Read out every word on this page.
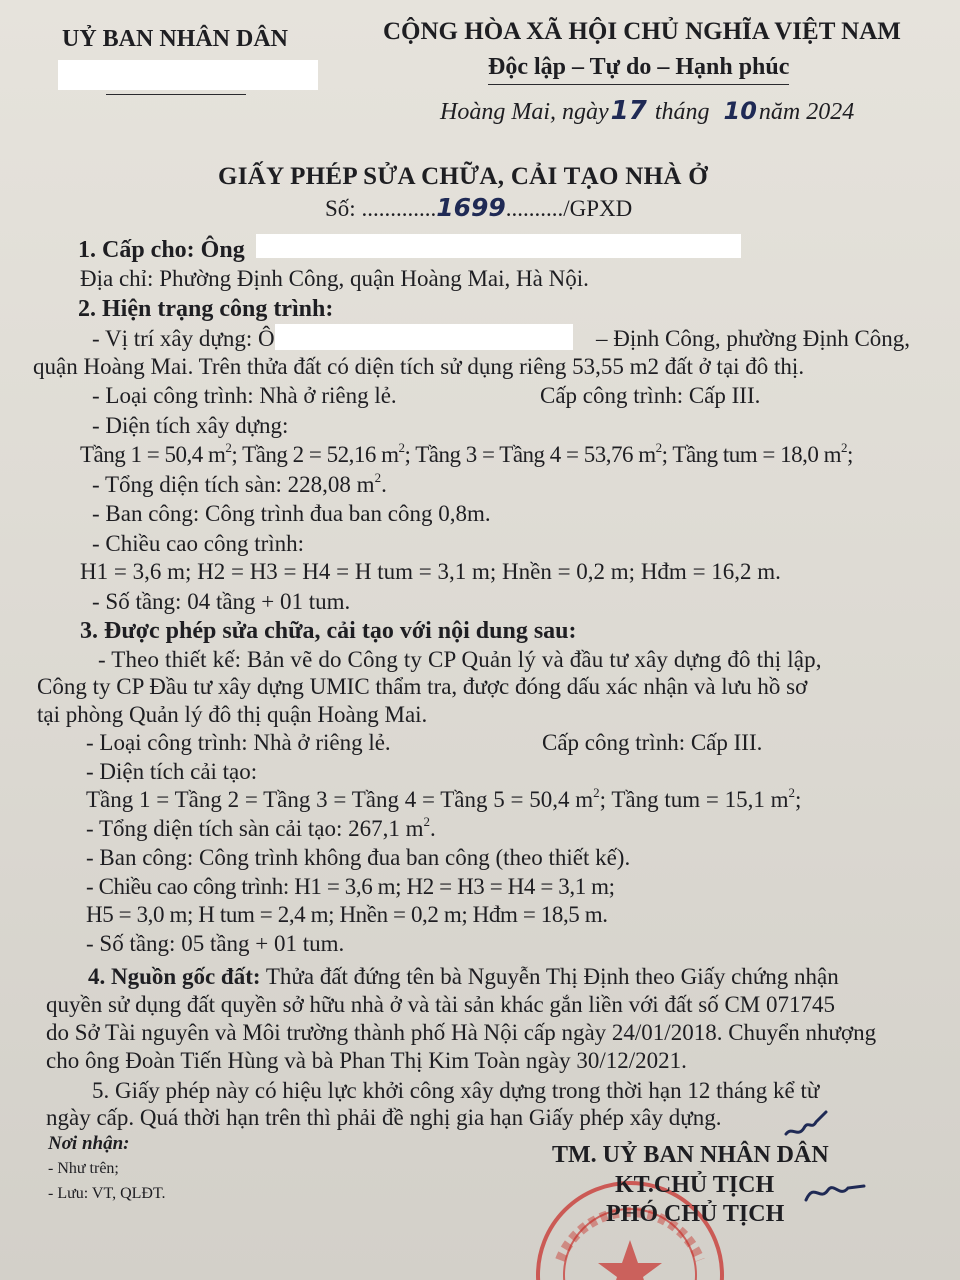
UỶ BAN NHÂN DÂN	CỘNG HÒA XÃ HỘI CHỦ NGHĨA VIỆT NAM
Độc lập – Tự do – Hạnh phúc
Hoàng Mai, ngày17 tháng 10năm 2024
GIẤY PHÉP SỬA CHỮA, CẢI TẠO NHÀ Ở
Số: .............1699........../GPXD
1. Cấp cho: Ông
Địa chỉ: Phường Định Công, quận Hoàng Mai, Hà Nội.
2. Hiện trạng công trình:
- Vị trí xây dựng: Ô	– Định Công, phường Định Công,
quận Hoàng Mai. Trên thửa đất có diện tích sử dụng riêng 53,55 m2 đất ở tại đô thị.
- Loại công trình: Nhà ở riêng lẻ.	Cấp công trình: Cấp III.
- Diện tích xây dựng:
Tầng 1 = 50,4 $m^2$; Tầng 2 = 52,16 $m^2$; Tầng 3 = Tầng 4 = 53,76 $m^2$; Tầng tum = 18,0 $m^2$;
- Tổng diện tích sàn: 228,08 $m^2$.
- Ban công: Công trình đua ban công 0,8m.
- Chiều cao công trình:
H1 = 3,6 m; H2 = H3 = H4 = H tum = 3,1 m; Hnền = 0,2 m; Hđm = 16,2 m.
- Số tầng: 04 tầng + 01 tum.
3. Được phép sửa chữa, cải tạo với nội dung sau:
- Theo thiết kế: Bản vẽ do Công ty CP Quản lý và đầu tư xây dựng đô thị lập,
Công ty CP Đầu tư xây dựng UMIC thẩm tra, được đóng dấu xác nhận và lưu hồ sơ
tại phòng Quản lý đô thị quận Hoàng Mai.
- Loại công trình: Nhà ở riêng lẻ.	Cấp công trình: Cấp III.
- Diện tích cải tạo:
Tầng 1 = Tầng 2 = Tầng 3 = Tầng 4 = Tầng 5 = 50,4 $m^2$; Tầng tum = 15,1 $m^2$;
- Tổng diện tích sàn cải tạo: 267,1 $m^2$.
- Ban công: Công trình không đua ban công (theo thiết kế).
- Chiều cao công trình: H1 = 3,6 m; H2 = H3 = H4 = 3,1 m;
H5 = 3,0 m; H tum = 2,4 m; Hnền = 0,2 m; Hđm = 18,5 m.
- Số tầng: 05 tầng + 01 tum.
4. Nguồn gốc đất: Thửa đất đứng tên bà Nguyễn Thị Định theo Giấy chứng nhận
quyền sử dụng đất quyền sở hữu nhà ở và tài sản khác gắn liền với đất số CM 071745
do Sở Tài nguyên và Môi trường thành phố Hà Nội cấp ngày 24/01/2018. Chuyển nhượng
cho ông Đoàn Tiến Hùng và bà Phan Thị Kim Toàn ngày 30/12/2021.
5. Giấy phép này có hiệu lực khởi công xây dựng trong thời hạn 12 tháng kể từ
ngày cấp. Quá thời hạn trên thì phải đề nghị gia hạn Giấy phép xây dựng.
Nơi nhận:
- Như trên;
- Lưu: VT, QLĐT.
TM. UỶ BAN NHÂN DÂN
KT.CHỦ TỊCH
PHÓ CHỦ TỊCH
